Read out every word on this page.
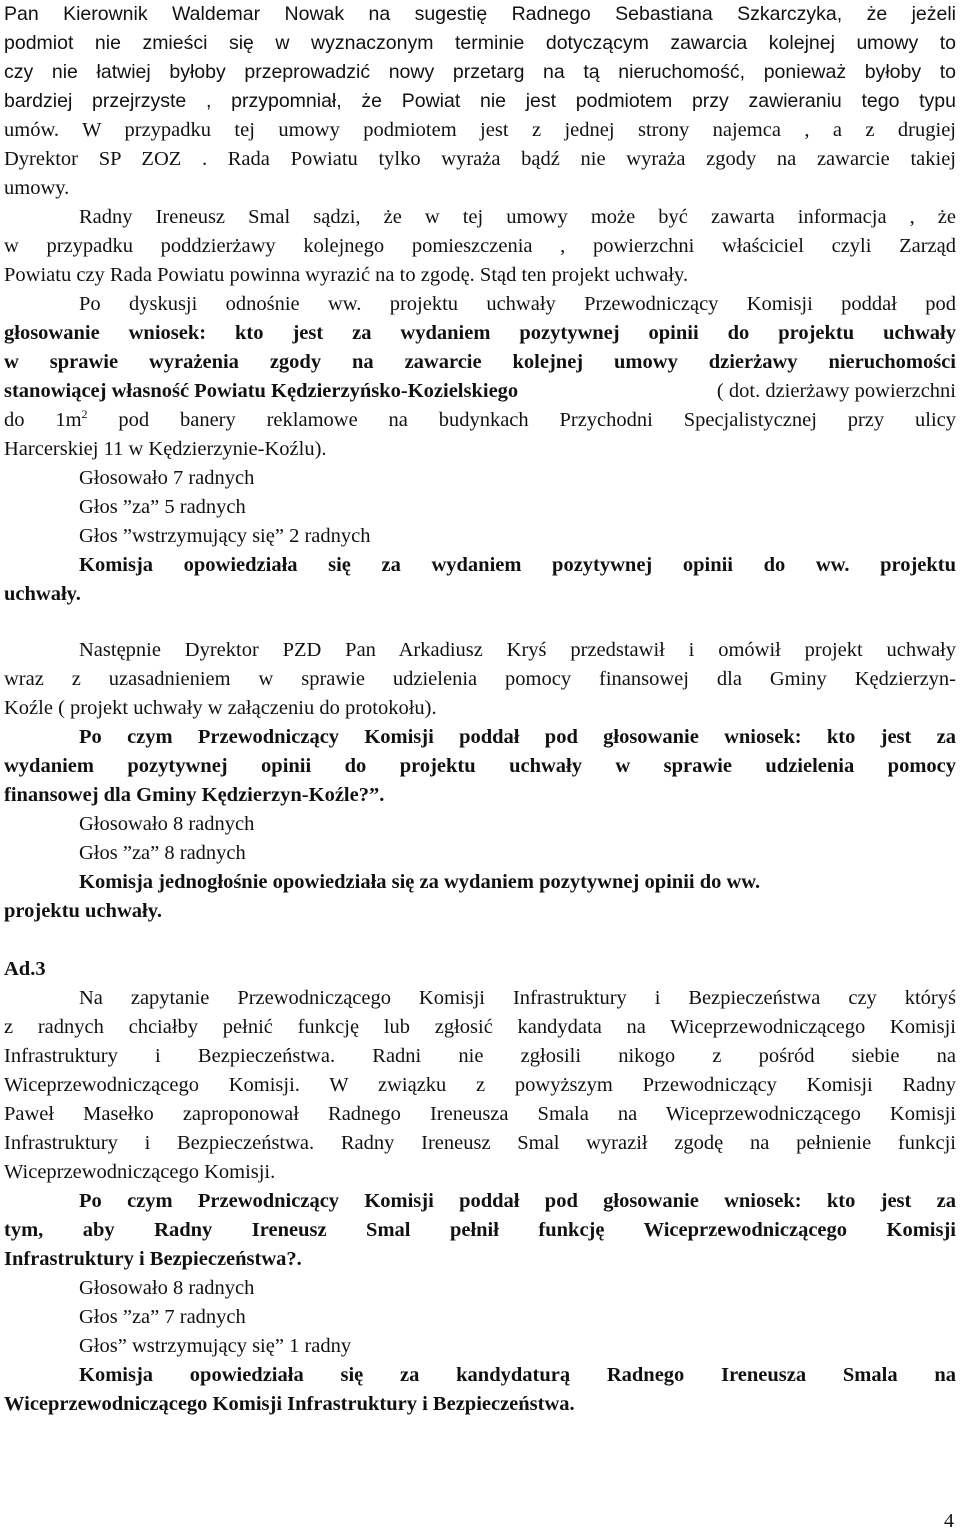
Pan Kierownik Waldemar Nowak na sugestię Radnego Sebastiana Szkarczyka, że jeżeli
podmiot nie zmieści się w wyznaczonym terminie dotyczącym zawarcia kolejnej umowy to
czy nie łatwiej byłoby przeprowadzić nowy przetarg na tą nieruchomość, ponieważ byłoby to
bardziej przejrzyste , przypomniał, że Powiat nie jest podmiotem przy zawieraniu tego typu
umów. W przypadku tej umowy podmiotem jest z jednej strony najemca , a z drugiej
Dyrektor SP ZOZ . Rada Powiatu tylko wyraża bądź nie wyraża zgody na zawarcie takiej
umowy.
Radny Ireneusz Smal sądzi, że w tej umowy może być zawarta informacja , że
w przypadku poddzierżawy kolejnego pomieszczenia , powierzchni właściciel czyli Zarząd
Powiatu czy Rada Powiatu powinna wyrazić na to zgodę. Stąd ten projekt uchwały.
Po dyskusji odnośnie ww. projektu uchwały Przewodniczący Komisji poddał pod
głosowanie wniosek: kto jest za wydaniem pozytywnej opinii do projektu uchwały
w sprawie wyrażenia zgody na zawarcie kolejnej umowy dzierżawy nieruchomości
stanowiącej własność Powiatu Kędzierzyńsko-Kozielskiego	( dot. dzierżawy powierzchni
do $1m^2$ pod banery reklamowe na budynkach Przychodni Specjalistycznej przy ulicy
Harcerskiej 11 w Kędzierzynie-Koźlu).
Głosowało 7 radnych
Głos ”za” 5 radnych
Głos ”wstrzymujący się” 2 radnych
Komisja opowiedziała się za wydaniem pozytywnej opinii do ww. projektu
uchwały.
Następnie Dyrektor PZD Pan Arkadiusz Kryś przedstawił i omówił projekt uchwały
wraz z uzasadnieniem w sprawie udzielenia pomocy finansowej dla Gminy Kędzierzyn-
Koźle ( projekt uchwały w załączeniu do protokołu).
Po czym Przewodniczący Komisji poddał pod głosowanie wniosek: kto jest za
wydaniem pozytywnej opinii do projektu uchwały w sprawie udzielenia pomocy
finansowej dla Gminy Kędzierzyn-Koźle?”.
Głosowało 8 radnych
Głos ”za” 8 radnych
Komisja jednogłośnie opowiedziała się za wydaniem pozytywnej opinii do ww.
projektu uchwały.
Ad.3
Na zapytanie Przewodniczącego Komisji Infrastruktury i Bezpieczeństwa czy któryś
z radnych chciałby pełnić funkcję lub zgłosić kandydata na Wiceprzewodniczącego Komisji
Infrastruktury i Bezpieczeństwa. Radni nie zgłosili nikogo z pośród siebie na
Wiceprzewodniczącego Komisji. W związku z powyższym Przewodniczący Komisji Radny
Paweł Masełko zaproponował Radnego Ireneusza Smala na Wiceprzewodniczącego Komisji
Infrastruktury i Bezpieczeństwa. Radny Ireneusz Smal wyraził zgodę na pełnienie funkcji
Wiceprzewodniczącego Komisji.
Po czym Przewodniczący Komisji poddał pod głosowanie wniosek: kto jest za
tym, aby Radny Ireneusz Smal pełnił funkcję Wiceprzewodniczącego Komisji
Infrastruktury i Bezpieczeństwa?.
Głosowało 8 radnych
Głos ”za” 7 radnych
Głos” wstrzymujący się” 1 radny
Komisja opowiedziała się za kandydaturą Radnego Ireneusza Smala na
Wiceprzewodniczącego Komisji Infrastruktury i Bezpieczeństwa.
4
